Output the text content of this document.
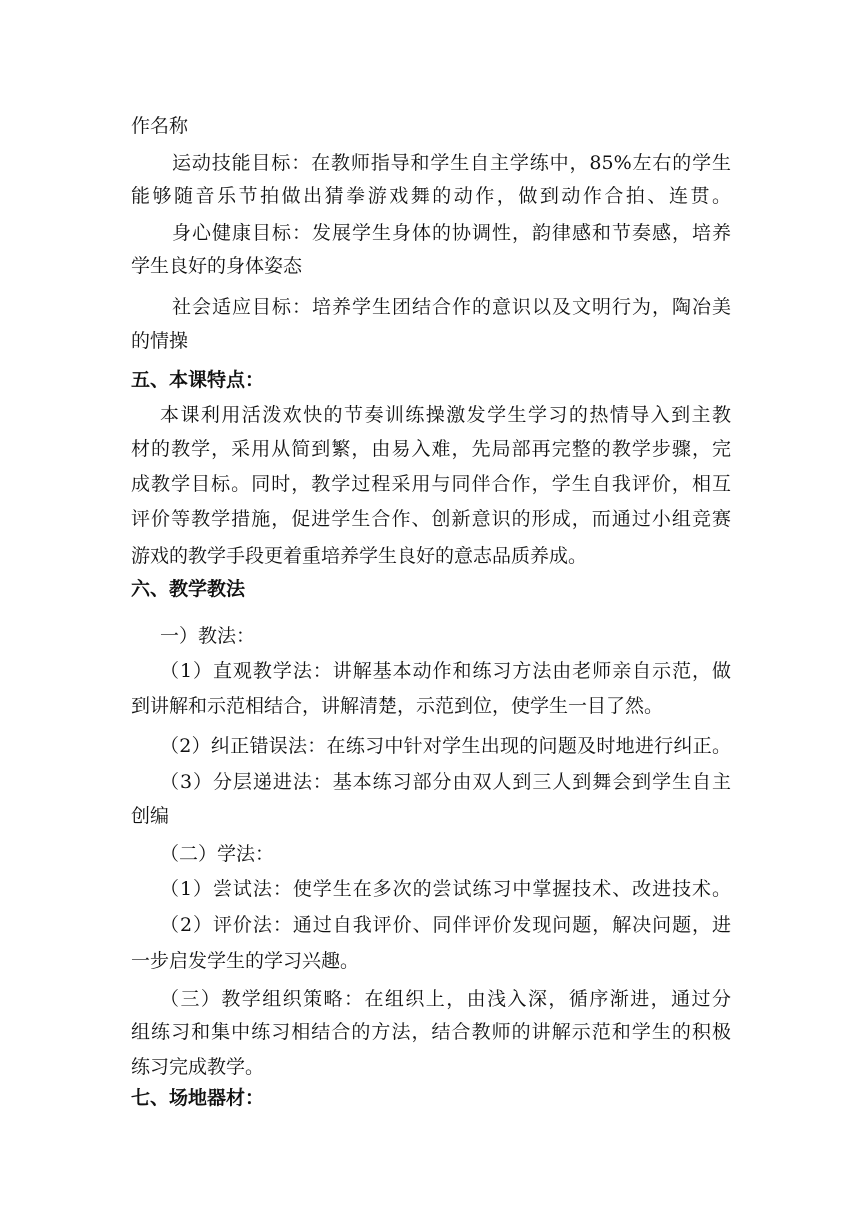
作名称
运动技能目标：在教师指导和学生自主学练中，85%左右的学生
能够随音乐节拍做出猜拳游戏舞的动作，做到动作合拍、连贯。
身心健康目标：发展学生身体的协调性，韵律感和节奏感，培养
学生良好的身体姿态
社会适应目标：培养学生团结合作的意识以及文明行为，陶冶美
的情操
五、本课特点：
本课利用活泼欢快的节奏训练操激发学生学习的热情导入到主教
材的教学，采用从简到繁，由易入难，先局部再完整的教学步骤，完
成教学目标。同时，教学过程采用与同伴合作，学生自我评价，相互
评价等教学措施，促进学生合作、创新意识的形成，而通过小组竞赛
游戏的教学手段更着重培养学生良好的意志品质养成。
六、教学教法
一）教法：
（1）直观教学法：讲解基本动作和练习方法由老师亲自示范，做
到讲解和示范相结合，讲解清楚，示范到位，使学生一目了然。
（2）纠正错误法：在练习中针对学生出现的问题及时地进行纠正。
（3）分层递进法：基本练习部分由双人到三人到舞会到学生自主
创编
（二）学法：
（1）尝试法：使学生在多次的尝试练习中掌握技术、改进技术。
（2）评价法：通过自我评价、同伴评价发现问题，解决问题，进
一步启发学生的学习兴趣。
（三）教学组织策略：在组织上，由浅入深，循序渐进，通过分
组练习和集中练习相结合的方法，结合教师的讲解示范和学生的积极
练习完成教学。
七、场地器材：
